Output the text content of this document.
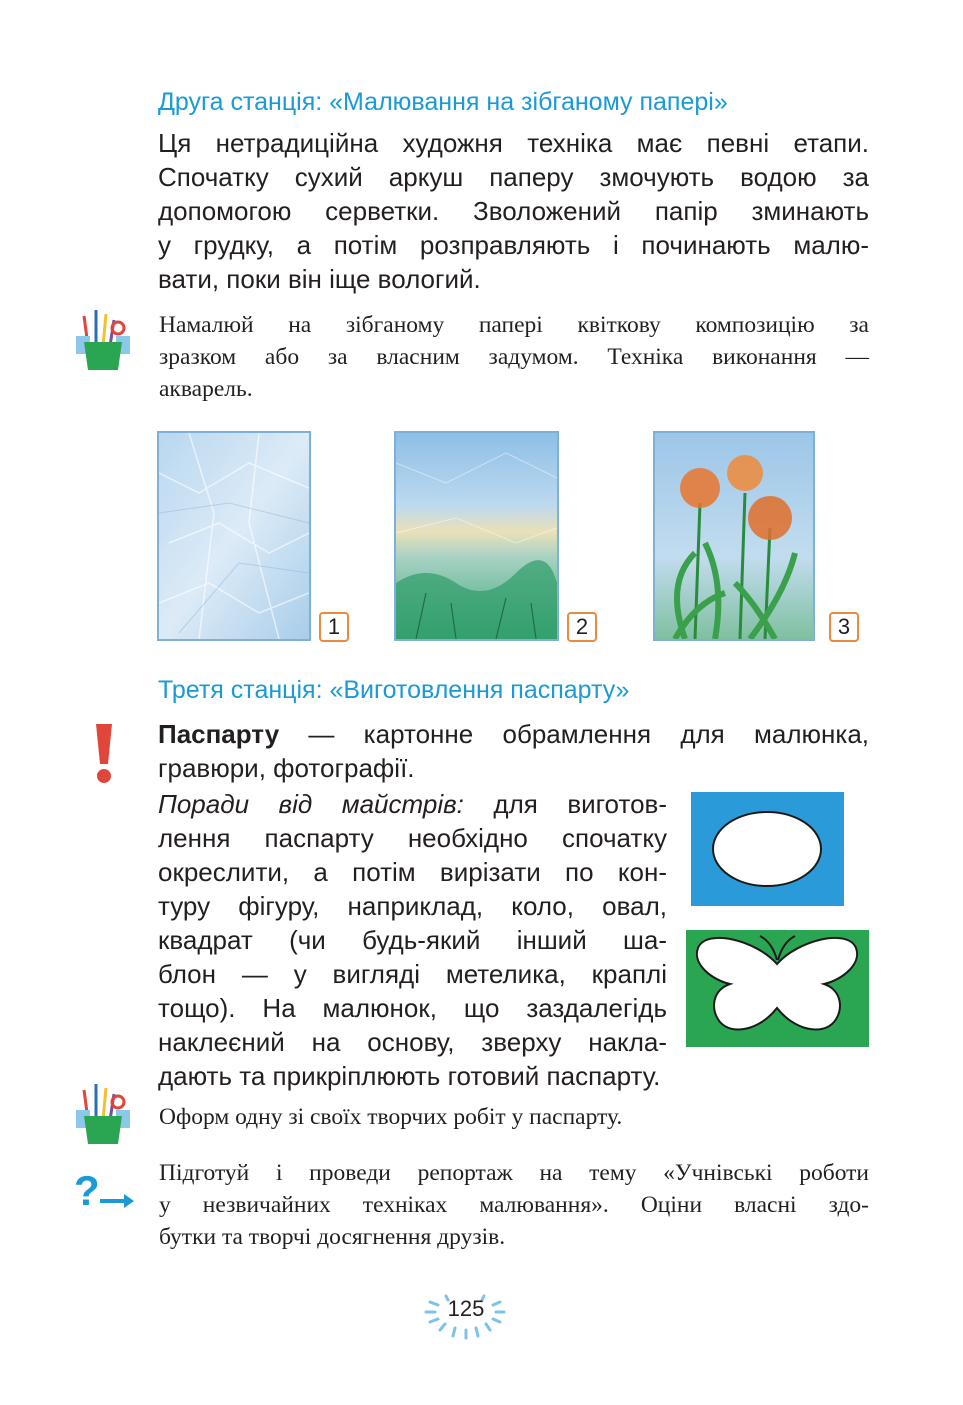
Друга станція: «Малювання на зібганому папері»
Ця нетрадиційна художня техніка має певні етапи.
Спочатку сухий аркуш паперу змочують водою за
допомогою серветки. Зволожений папір зминають
у грудку, а потім розправляють і починають малю-
вати, поки він іще вологий.
Намалюй на зібганому папері квіткову композицію за
зразком або за власним задумом. Техніка виконання —
акварель.
1	2	3
Третя станція: «Виготовлення паспарту»
Паспарту — картонне обрамлення для малюнка,
гравюри, фотографії.
Поради від майстрів: для виготов-
лення паспарту необхідно спочатку
окреслити, а потім вирізати по кон-
туру фігуру, наприклад, коло, овал,
квадрат (чи будь-який інший ша-
блон — у вигляді метелика, краплі
тощо). На малюнок, що заздалегідь
наклеєний на основу, зверху накла-
дають та прикріплюють готовий паспарту.
Оформ одну зі своїх творчих робіт у паспарту.
?	Підготуй і проведи репортаж на тему «Учнівські роботи
у незвичайних техніках малювання». Оціни власні здо-
бутки та творчі досягнення друзів.
125
